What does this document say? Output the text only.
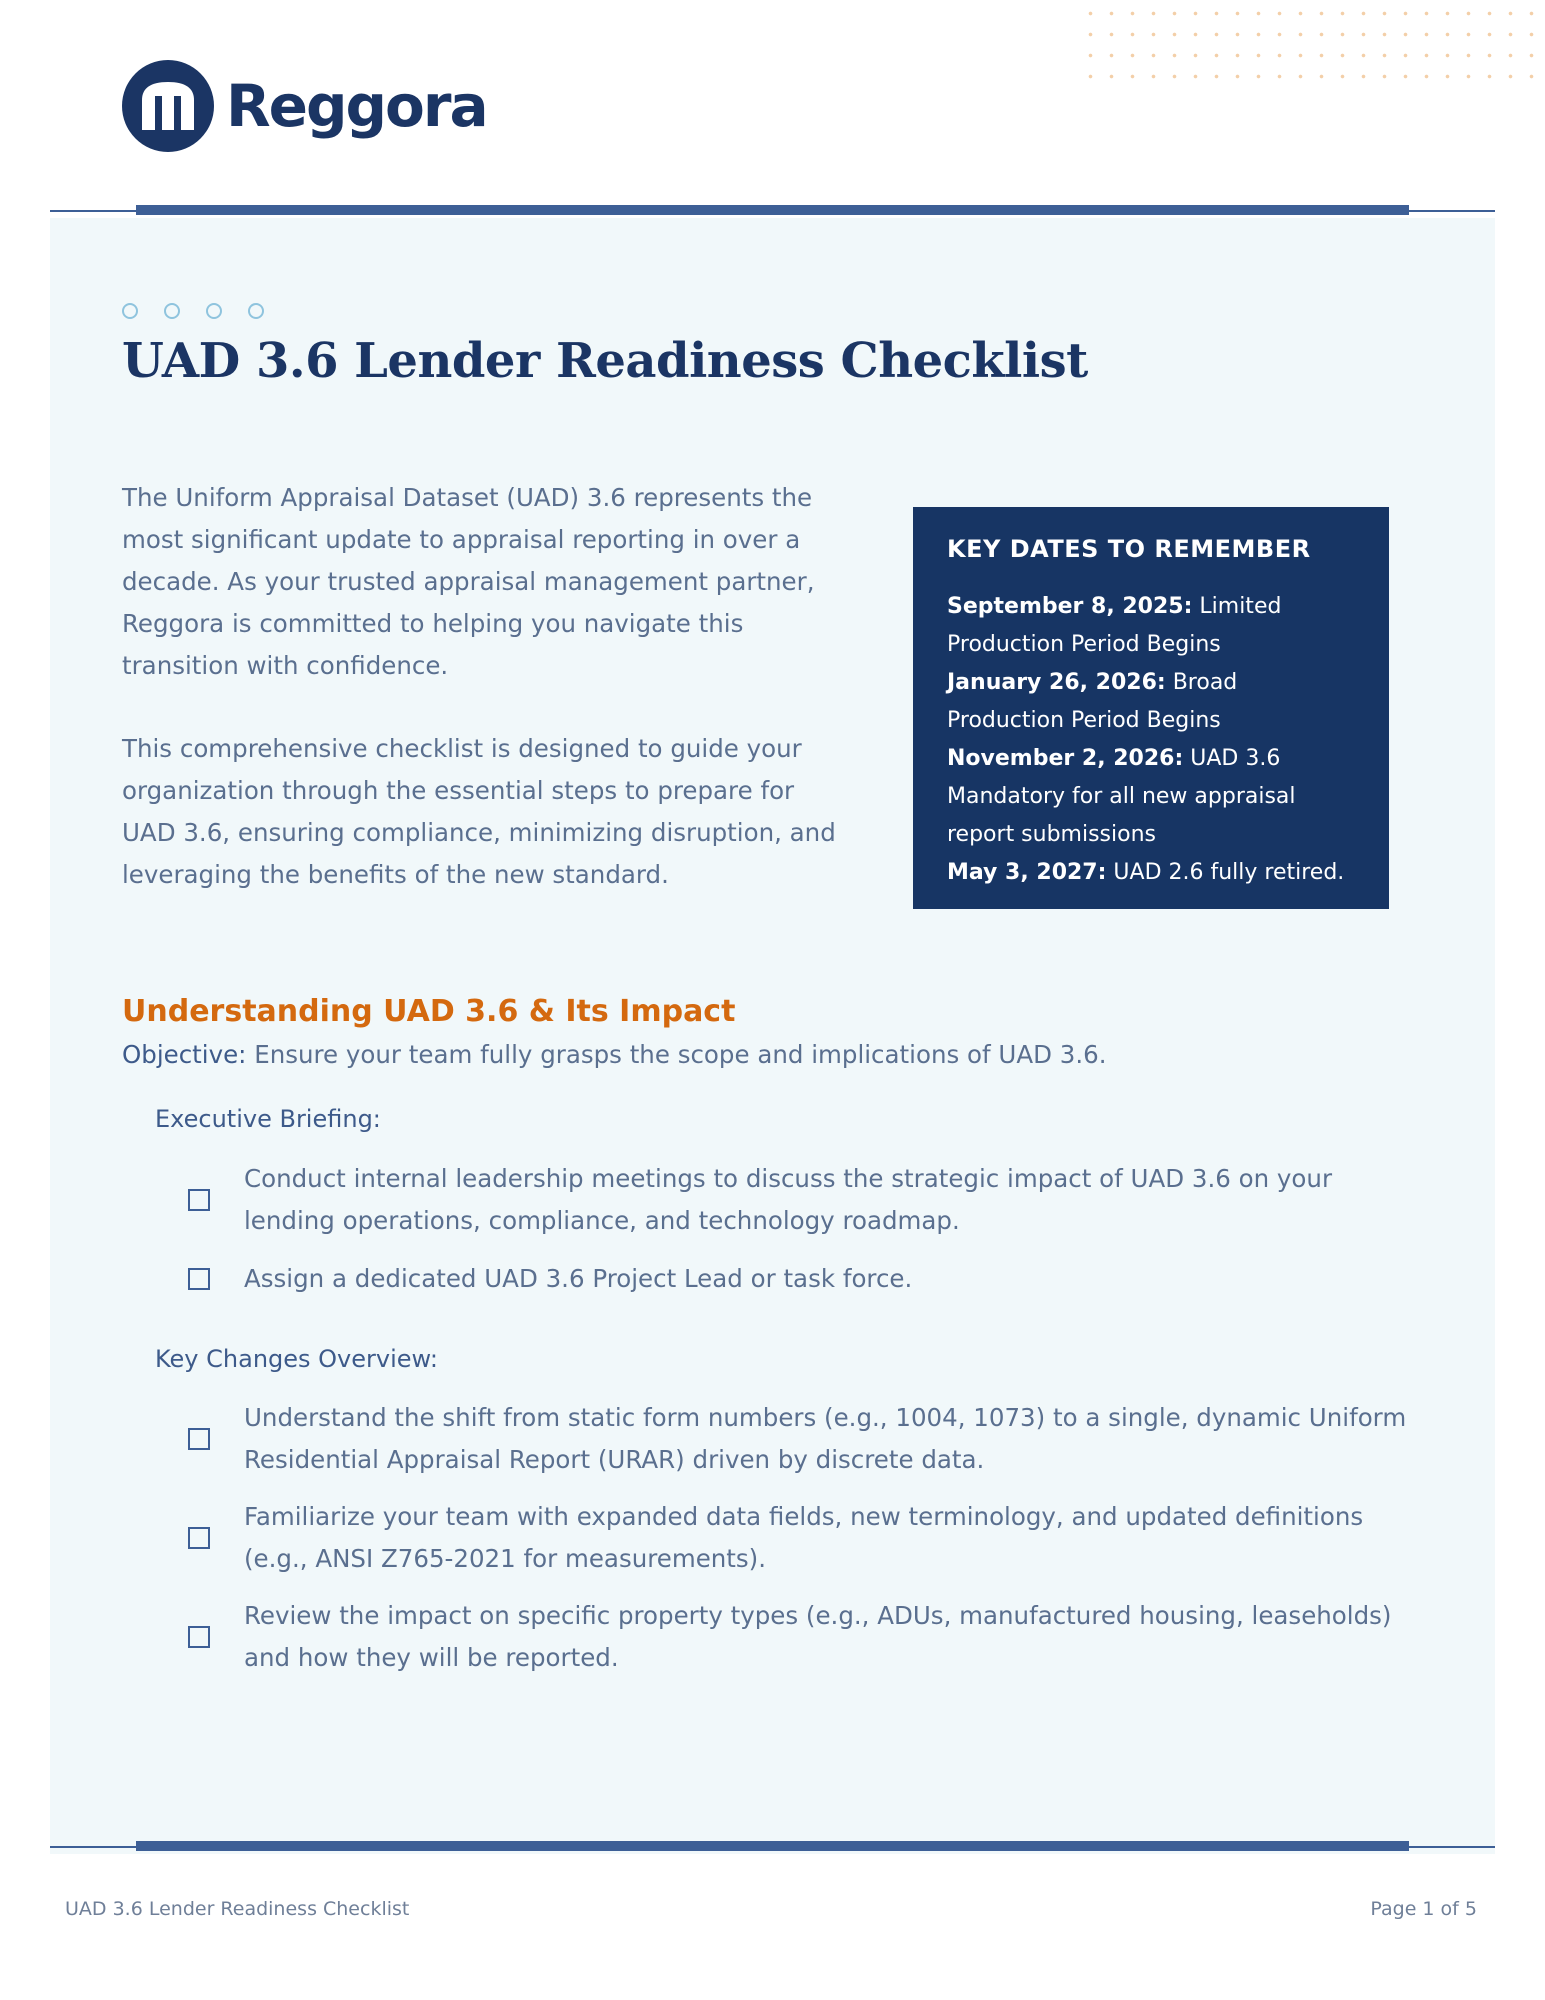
Reggora
UAD 3.6 Lender Readiness Checklist

The Uniform Appraisal Dataset (UAD) 3.6 represents the most significant update to appraisal reporting in over a decade. As your trusted appraisal management partner, Reggora is committed to helping you navigate this transition with confidence.

This comprehensive checklist is designed to guide your organization through the essential steps to prepare for UAD 3.6, ensuring compliance, minimizing disruption, and leveraging the benefits of the new standard.

KEY DATES TO REMEMBER

September 8, 2025: Limited Production Period Begins

January 26, 2026: Broad Production Period Begins

November 2, 2026: UAD 3.6 Mandatory for all new appraisal report submissions

May 3, 2027: UAD 2.6 fully retired.

Understanding UAD 3.6 & Its Impact
Objective: Ensure your team fully grasps the scope and implications of UAD 3.6.
Executive Briefing:
Conduct internal leadership meetings to discuss the strategic impact of UAD 3.6 on your lending operations, compliance, and technology roadmap.
Assign a dedicated UAD 3.6 Project Lead or task force.
Key Changes Overview:
Understand the shift from static form numbers (e.g., 1004, 1073) to a single, dynamic Uniform Residential Appraisal Report (URAR) driven by discrete data.
Familiarize your team with expanded data fields, new terminology, and updated definitions (e.g., ANSI Z765-2021 for measurements).
Review the impact on specific property types (e.g., ADUs, manufactured housing, leaseholds) and how they will be reported.
UAD 3.6 Lender Readiness Checklist	Page 1 of 5
